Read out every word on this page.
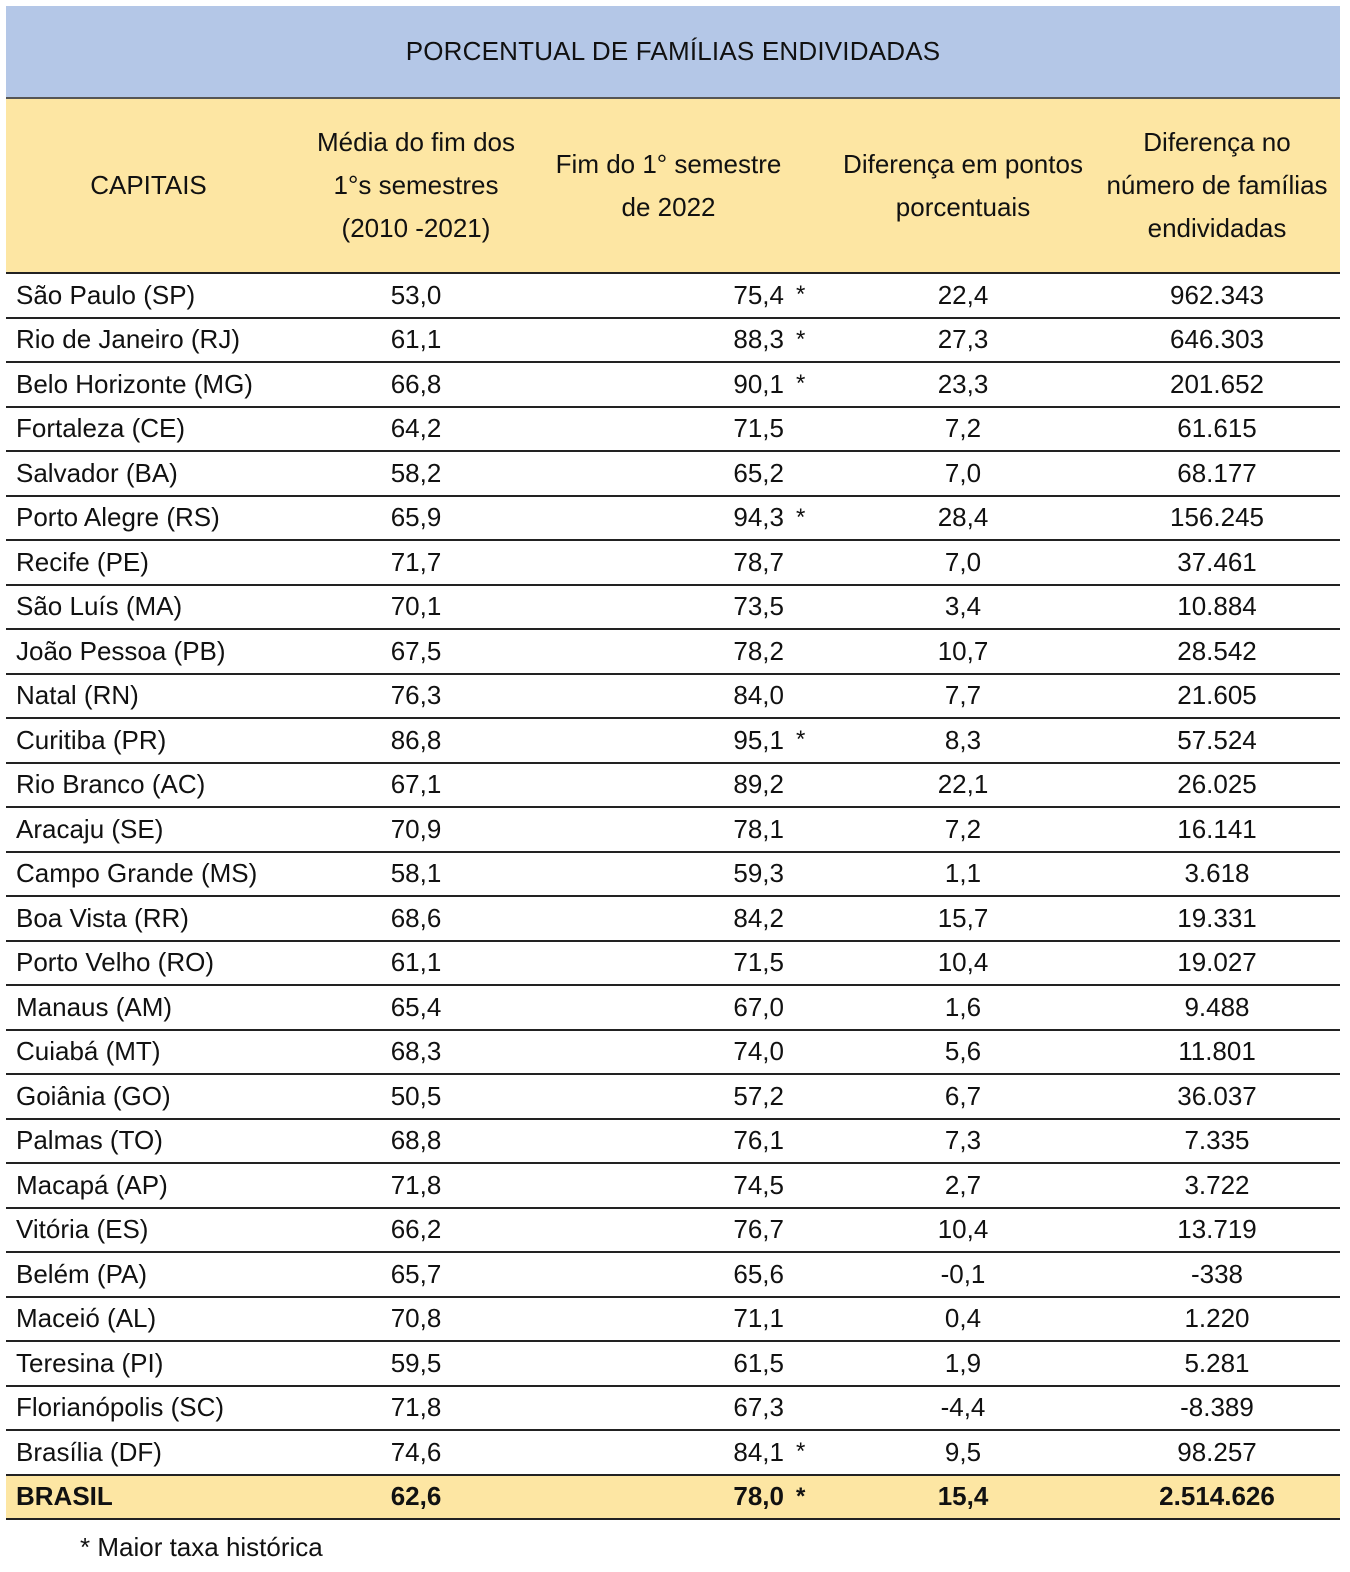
PORCENTUAL DE FAMÍLIAS ENDIVIDADAS
CAPITAIS	Média do fim dos 1°s semestres (2010 -2021)	Fim do 1° semestre de 2022		Diferença em pontos porcentuais	Diferença no número de famílias endividadas
São Paulo (SP)	53,0	75,4	*	22,4	962.343
Rio de Janeiro (RJ)	61,1	88,3	*	27,3	646.303
Belo Horizonte (MG)	66,8	90,1	*	23,3	201.652
Fortaleza (CE)	64,2	71,5		7,2	61.615
Salvador (BA)	58,2	65,2		7,0	68.177
Porto Alegre (RS)	65,9	94,3	*	28,4	156.245
Recife (PE)	71,7	78,7		7,0	37.461
São Luís (MA)	70,1	73,5		3,4	10.884
João Pessoa (PB)	67,5	78,2		10,7	28.542
Natal (RN)	76,3	84,0		7,7	21.605
Curitiba (PR)	86,8	95,1	*	8,3	57.524
Rio Branco (AC)	67,1	89,2		22,1	26.025
Aracaju (SE)	70,9	78,1		7,2	16.141
Campo Grande (MS)	58,1	59,3		1,1	3.618
Boa Vista (RR)	68,6	84,2		15,7	19.331
Porto Velho (RO)	61,1	71,5		10,4	19.027
Manaus (AM)	65,4	67,0		1,6	9.488
Cuiabá (MT)	68,3	74,0		5,6	11.801
Goiânia (GO)	50,5	57,2		6,7	36.037
Palmas (TO)	68,8	76,1		7,3	7.335
Macapá (AP)	71,8	74,5		2,7	3.722
Vitória (ES)	66,2	76,7		10,4	13.719
Belém (PA)	65,7	65,6		-0,1	-338
Maceió (AL)	70,8	71,1		0,4	1.220
Teresina (PI)	59,5	61,5		1,9	5.281
Florianópolis (SC)	71,8	67,3		-4,4	-8.389
Brasília (DF)	74,6	84,1	*	9,5	98.257
BRASIL	62,6	78,0	*	15,4	2.514.626
* Maior taxa histórica
